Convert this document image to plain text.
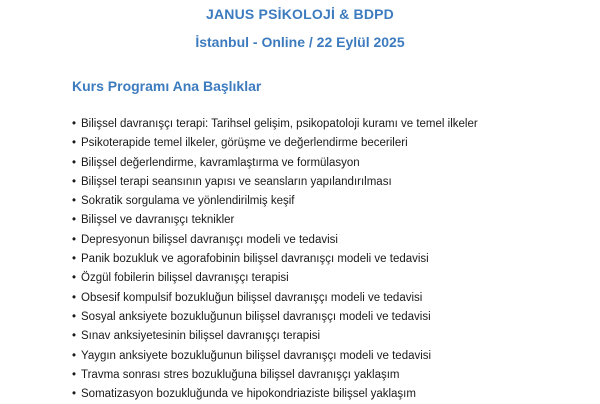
JANUS PSİKOLOJİ & BDPD
İstanbul - Online / 22 Eylül 2025
Kurs Programı Ana Başlıklar
• Bilişsel davranışçı terapi: Tarihsel gelişim, psikopatoloji kuramı ve temel ilkeler
• Psikoterapide temel ilkeler, görüşme ve değerlendirme becerileri
• Bilişsel değerlendirme, kavramlaştırma ve formülasyon
• Bilişsel terapi seansının yapısı ve seansların yapılandırılması
• Sokratik sorgulama ve yönlendirilmiş keşif
• Bilişsel ve davranışçı teknikler
• Depresyonun bilişsel davranışçı modeli ve tedavisi
• Panik bozukluk ve agorafobinin bilişsel davranışçı modeli ve tedavisi
• Özgül fobilerin bilişsel davranışçı terapisi
• Obsesif kompulsif bozukluğun bilişsel davranışçı modeli ve tedavisi
• Sosyal anksiyete bozukluğunun bilişsel davranışçı modeli ve tedavisi
• Sınav anksiyetesinin bilişsel davranışçı terapisi
• Yaygın anksiyete bozukluğunun bilişsel davranışçı modeli ve tedavisi
• Travma sonrası stres bozukluğuna bilişsel davranışçı yaklaşım
• Somatizasyon bozukluğunda ve hipokondriaziste bilişsel yaklaşım
